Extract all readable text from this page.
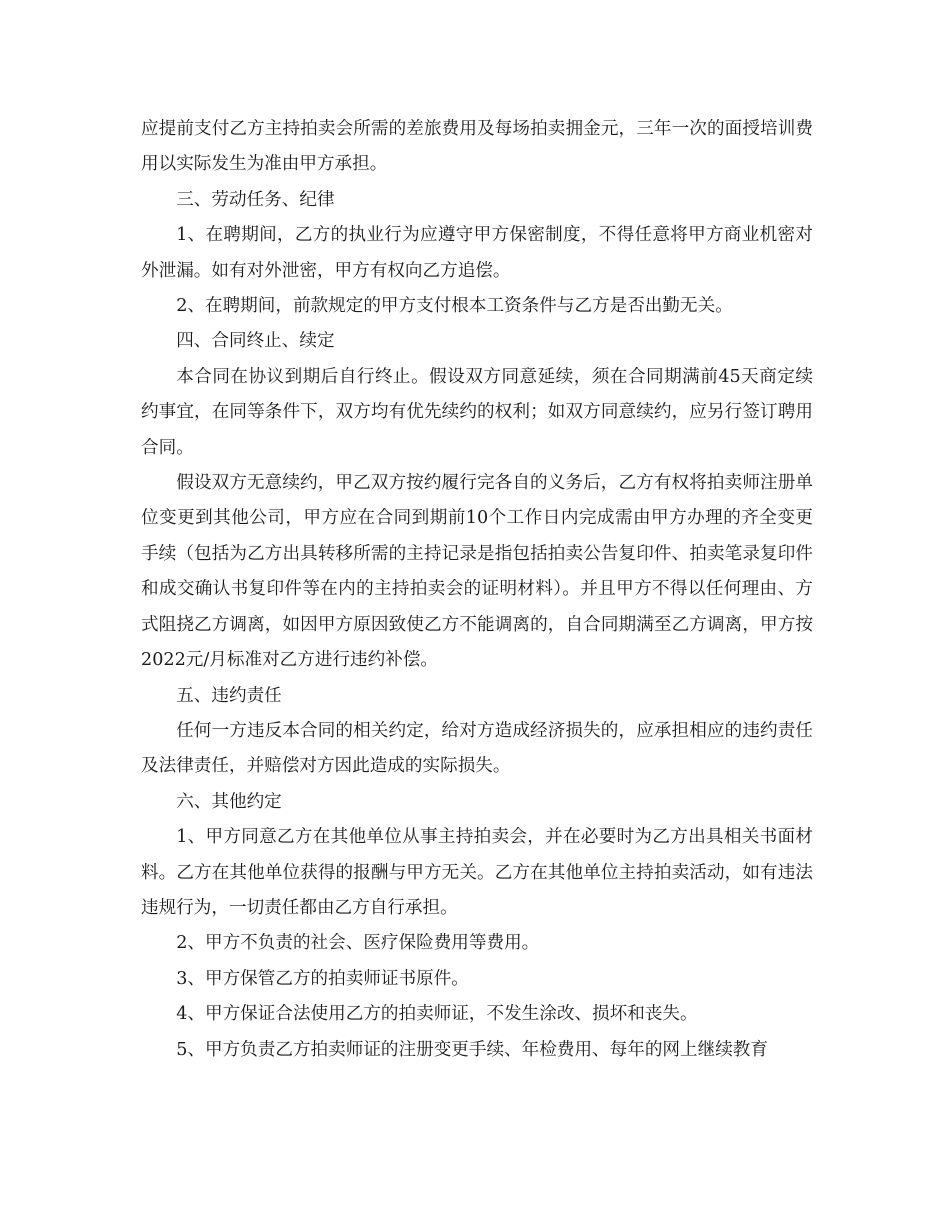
应提前支付乙方主持拍卖会所需的差旅费用及每场拍卖拥金元，三年一次的面授培训费用以实际发生为准由甲方承担。

三、劳动任务、纪律

1、在聘期间，乙方的执业行为应遵守甲方保密制度，不得任意将甲方商业机密对外泄漏。如有对外泄密，甲方有权向乙方追偿。

2、在聘期间，前款规定的甲方支付根本工资条件与乙方是否出勤无关。

四、合同终止、续定

本合同在协议到期后自行终止。假设双方同意延续，须在合同期满前45天商定续约事宜，在同等条件下，双方均有优先续约的权利；如双方同意续约，应另行签订聘用合同。

假设双方无意续约，甲乙双方按约履行完各自的义务后，乙方有权将拍卖师注册单位变更到其他公司，甲方应在合同到期前10个工作日内完成需由甲方办理的齐全变更手续（包括为乙方出具转移所需的主持记录是指包括拍卖公告复印件、拍卖笔录复印件和成交确认书复印件等在内的主持拍卖会的证明材料）。并且甲方不得以任何理由、方式阻挠乙方调离，如因甲方原因致使乙方不能调离的，自合同期满至乙方调离，甲方按2022元/月标准对乙方进行违约补偿。

五、违约责任

任何一方违反本合同的相关约定，给对方造成经济损失的，应承担相应的违约责任及法律责任，并赔偿对方因此造成的实际损失。

六、其他约定

1、甲方同意乙方在其他单位从事主持拍卖会，并在必要时为乙方出具相关书面材料。乙方在其他单位获得的报酬与甲方无关。乙方在其他单位主持拍卖活动，如有违法违规行为，一切责任都由乙方自行承担。

2、甲方不负责的社会、医疗保险费用等费用。

3、甲方保管乙方的拍卖师证书原件。

4、甲方保证合法使用乙方的拍卖师证，不发生涂改、损坏和丧失。

5、甲方负责乙方拍卖师证的注册变更手续、年检费用、每年的网上继续教育
